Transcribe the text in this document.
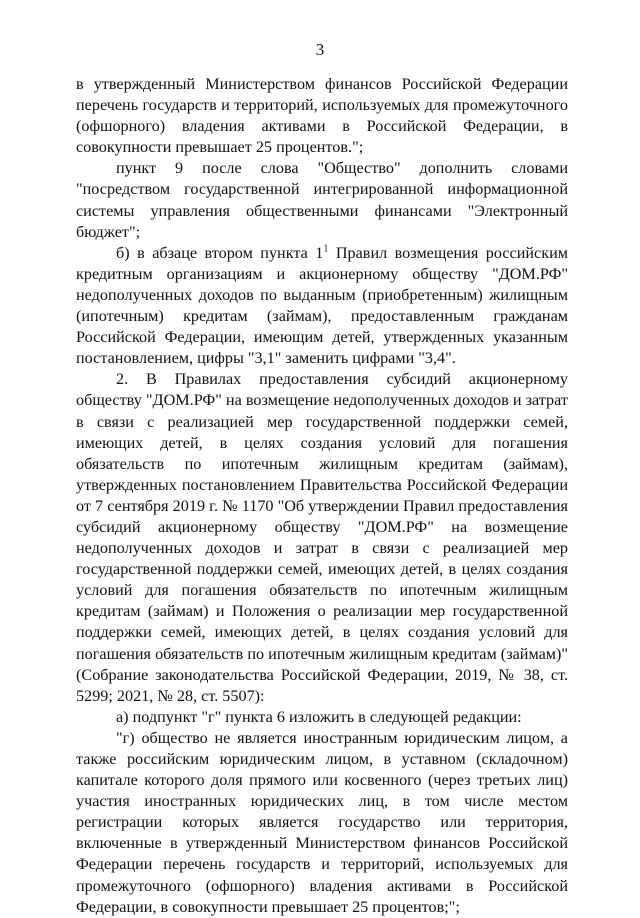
3

в утвержденный Министерством финансов Российской Федерации перечень государств и территорий, используемых для промежуточного (офшорного) владения активами в Российской Федерации, в совокупности превышает 25 процентов.";

пункт 9 после слова "Общество" дополнить словами "посредством государственной интегрированной информационной системы управления общественными финансами "Электронный бюджет";

б) в абзаце втором пункта $1^1$ Правил возмещения российским кредитным организациям и акционерному обществу "ДОМ.РФ" недополученных доходов по выданным (приобретенным) жилищным (ипотечным) кредитам (займам), предоставленным гражданам Российской Федерации, имеющим детей, утвержденных указанным постановлением, цифры "3,1" заменить цифрами "3,4".

2. В Правилах предоставления субсидий акционерному обществу "ДОМ.РФ" на возмещение недополученных доходов и затрат в связи с реализацией мер государственной поддержки семей, имеющих детей, в целях создания условий для погашения обязательств по ипотечным жилищным кредитам (займам), утвержденных постановлением Правительства Российской Федерации от 7 сентября 2019 г. № 1170 "Об утверждении Правил предоставления субсидий акционерному обществу "ДОМ.РФ" на возмещение недополученных доходов и затрат в связи с реализацией мер государственной поддержки семей, имеющих детей, в целях создания условий для погашения обязательств по ипотечным жилищным кредитам (займам) и Положения о реализации мер государственной поддержки семей, имеющих детей, в целях создания условий для погашения обязательств по ипотечным жилищным кредитам (займам)" (Собрание законодательства Российской Федерации, 2019, № 38, ст. 5299; 2021, № 28, ст. 5507):

а) подпункт "г" пункта 6 изложить в следующей редакции:

"г) общество не является иностранным юридическим лицом, а также российским юридическим лицом, в уставном (складочном) капитале которого доля прямого или косвенного (через третьих лиц) участия иностранных юридических лиц, в том числе местом регистрации которых является государство или территория, включенные в утвержденный Министерством финансов Российской Федерации перечень государств и территорий, используемых для промежуточного (офшорного) владения активами в Российской Федерации, в совокупности превышает 25 процентов;";
